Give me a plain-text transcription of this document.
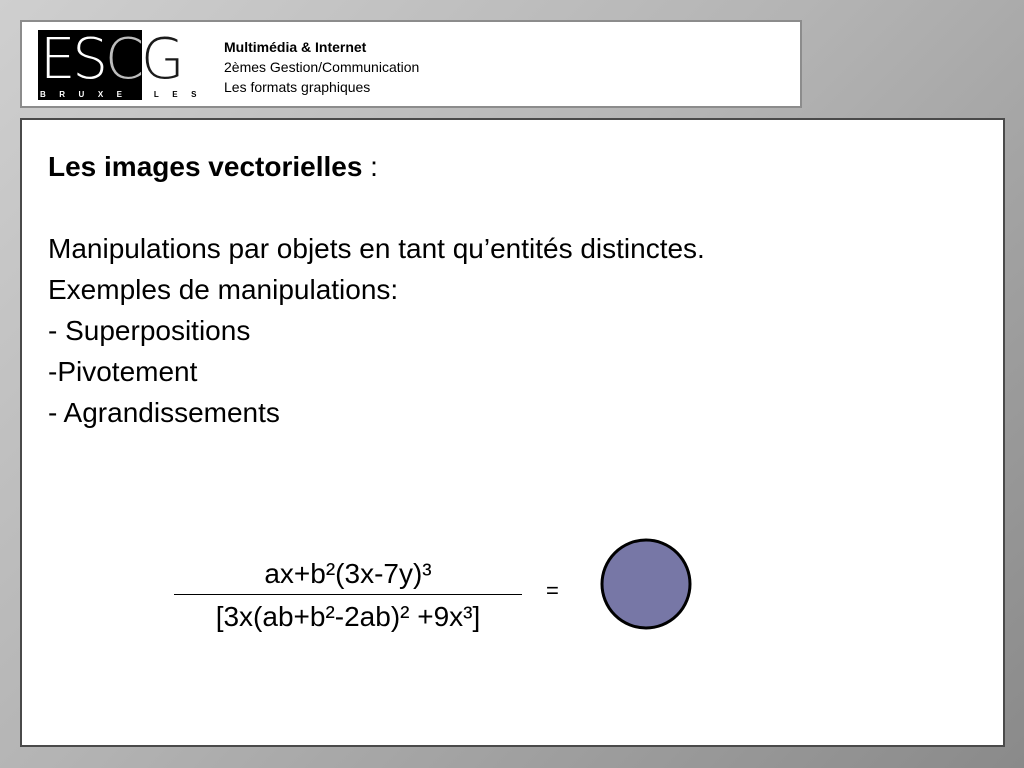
ESCG
BRUXELLES
Multimédia & Internet
2èmes Gestion/Communication
Les formats graphiques
Les images vectorielles :
Manipulations par objets en tant qu’entités distinctes.
Exemples de manipulations:
- Superpositions
-Pivotement
- Agrandissements
ax+b²(3x-7y)³
[3x(ab+b²-2ab)² +9x³]
=
